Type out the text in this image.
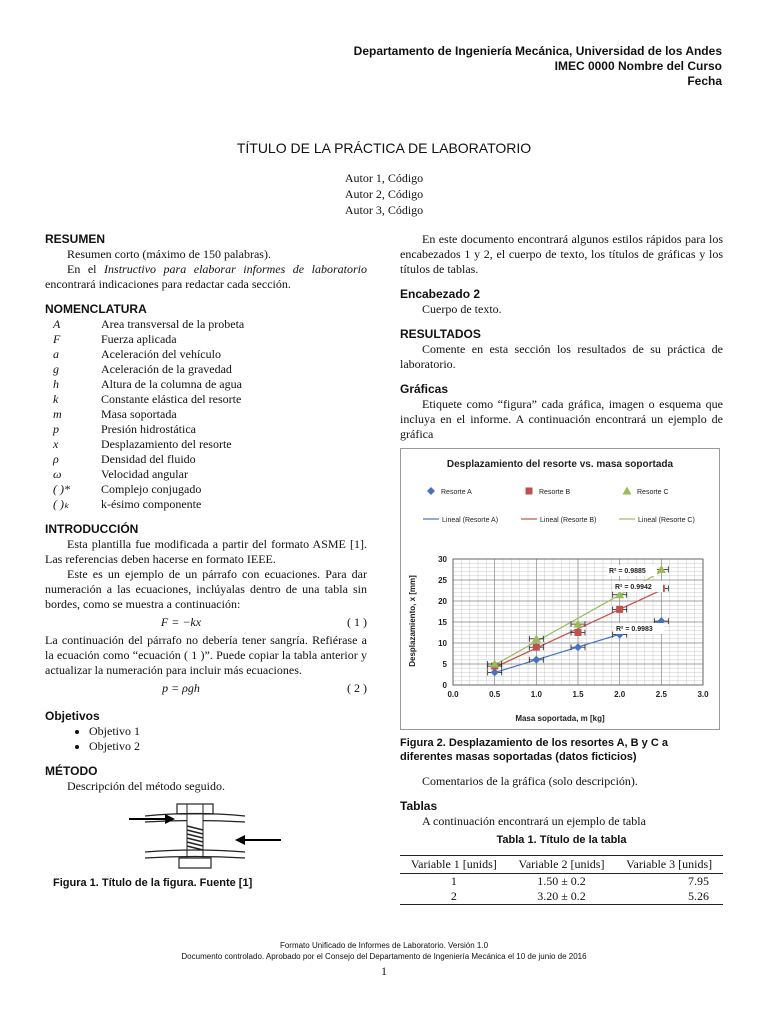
Departamento de Ingeniería Mecánica, Universidad de los Andes
IMEC 0000 Nombre del Curso
Fecha
TÍTULO DE LA PRÁCTICA DE LABORATORIO
Autor 1, Código
Autor 2, Código
Autor 3, Código
RESUMEN

Resumen corto (máximo de 150 palabras).

En el Instructivo para elaborar informes de laboratorio encontrará indicaciones para redactar cada sección.

NOMENCLATURA
A	Area transversal de la probeta
F	Fuerza aplicada
a	Aceleración del vehículo
g	Aceleración de la gravedad
h	Altura de la columna de agua
k	Constante elástica del resorte
m	Masa soportada
p	Presión hidrostática
x	Desplazamiento del resorte
ρ	Densidad del fluido
ω	Velocidad angular
( )*	Complejo conjugado
( )ₖ	k-ésimo componente
INTRODUCCIÓN

Esta plantilla fue modificada a partir del formato ASME [1]. Las referencias deben hacerse en formato IEEE.

Este es un ejemplo de un párrafo con ecuaciones. Para dar numeración a las ecuaciones, inclúyalas dentro de una tabla sin bordes, como se muestra a continuación:

F = −kx	( 1 )

La continuación del párrafo no debería tener sangría. Refiérase a la ecuación como “ecuación ( 1 )”. Puede copiar la tabla anterior y actualizar la numeración para incluir más ecuaciones.

p = ρgh	( 2 )
Objetivos
• Objetivo 1
• Objetivo 2
MÉTODO

Descripción del método seguido.

Figura 1. Título de la figura. Fuente [1]

En este documento encontrará algunos estilos rápidos para los encabezados 1 y 2, el cuerpo de texto, los títulos de gráficas y los títulos de tablas.

Encabezado 2

Cuerpo de texto.

RESULTADOS

Comente en esta sección los resultados de su práctica de laboratorio.

Gráficas

Etiquete como “figura” cada gráfica, imagen o esquema que incluya en el informe. A continuación encontrará un ejemplo de gráfica

Desplazamiento del resorte vs. masa soportada
Resorte A
Lineal (Resorte A)
Resorte B
Lineal (Resorte B)
Resorte C
Lineal (Resorte C)
0.0	0.5	1.0	1.5	2.0	2.5	3.0
0
5
10
15
20
25
30
R² = 0.9983
R² = 0.9942
R² = 0.9885
Masa soportada, m [kg]
Desplazamiento, x [mm]
Figura 2. Desplazamiento de los resortes A, B y C a diferentes masas soportadas (datos ficticios)

Comentarios de la gráfica (solo descripción).

Tablas

A continuación encontrará un ejemplo de tabla

Tabla 1. Título de la tabla
Variable 1 [unids]	Variable 2 [unids]	Variable 3 [unids]
1	1.50 ± 0.2	7.95
2	3.20 ± 0.2	5.26
Formato Unificado de Informes de Laboratorio. Versión 1.0
Documento controlado. Aprobado por el Consejo del Departamento de Ingeniería Mecánica el 10 de junio de 2016
1
